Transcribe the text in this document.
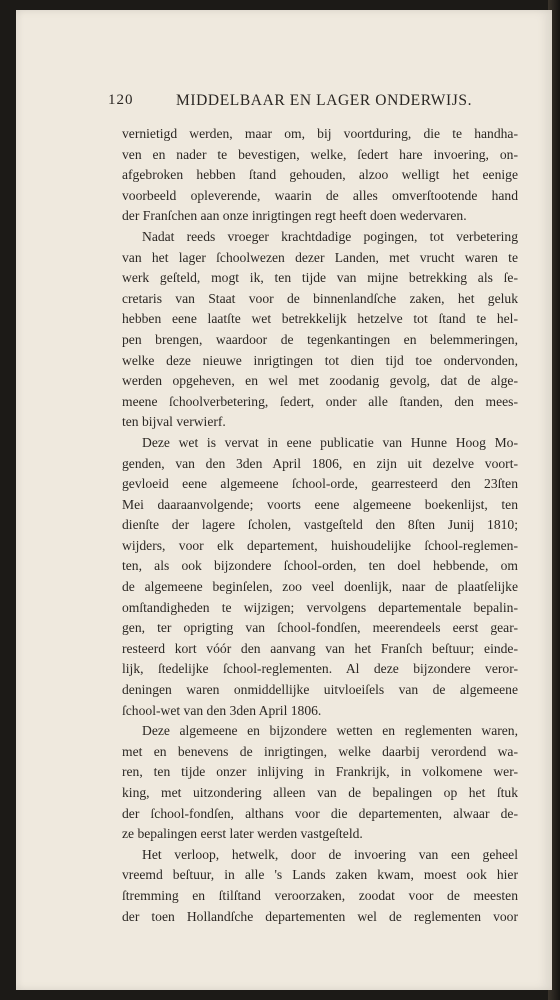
120	MIDDELBAAR EN LAGER ONDERWIJS.
vernietigd werden, maar om, bij voortduring, die te handha-
ven en nader te bevestigen, welke, ſedert hare invoering, on-
afgebroken hebben ſtand gehouden, alzoo welligt het eenige
voorbeeld opleverende, waarin de alles omverſtootende hand
der Franſchen aan onze inrigtingen regt heeft doen wedervaren.
Nadat reeds vroeger krachtdadige pogingen, tot verbetering
van het lager ſchoolwezen dezer Landen, met vrucht waren te
werk geſteld, mogt ik, ten tijde van mijne betrekking als ſe-
cretaris van Staat voor de binnenlandſche zaken, het geluk
hebben eene laatſte wet betrekkelijk hetzelve tot ſtand te hel-
pen brengen, waardoor de tegenkantingen en belemmeringen,
welke deze nieuwe inrigtingen tot dien tijd toe ondervonden,
werden opgeheven, en wel met zoodanig gevolg, dat de alge-
meene ſchoolverbetering, ſedert, onder alle ſtanden, den mees-
ten bijval verwierf.
Deze wet is vervat in eene publicatie van Hunne Hoog Mo-
genden, van den 3den April 1806, en zijn uit dezelve voort-
gevloeid eene algemeene ſchool-orde, gearresteerd den 23ſten
Mei daaraanvolgende; voorts eene algemeene boekenlijst, ten
dienſte der lagere ſcholen, vastgeſteld den 8ſten Junij 1810;
wijders, voor elk departement, huishoudelijke ſchool-reglemen-
ten, als ook bijzondere ſchool-orden, ten doel hebbende, om
de algemeene beginſelen, zoo veel doenlijk, naar de plaatſelijke
omſtandigheden te wijzigen; vervolgens departementale bepalin-
gen, ter oprigting van ſchool-fondſen, meerendeels eerst gear-
resteerd kort vóór den aanvang van het Franſch beſtuur; einde-
lijk, ſtedelijke ſchool-reglementen. Al deze bijzondere veror-
deningen waren onmiddellijke uitvloeiſels van de algemeene
ſchool-wet van den 3den April 1806.
Deze algemeene en bijzondere wetten en reglementen waren,
met en benevens de inrigtingen, welke daarbij verordend wa-
ren, ten tijde onzer inlijving in Frankrijk, in volkomene wer-
king, met uitzondering alleen van de bepalingen op het ſtuk
der ſchool-fondſen, althans voor die departementen, alwaar de-
ze bepalingen eerst later werden vastgeſteld.
Het verloop, hetwelk, door de invoering van een geheel
vreemd beſtuur, in alle 's Lands zaken kwam, moest ook hier
ſtremming en ſtilſtand veroorzaken, zoodat voor de meesten
der toen Hollandſche departementen wel de reglementen voor
